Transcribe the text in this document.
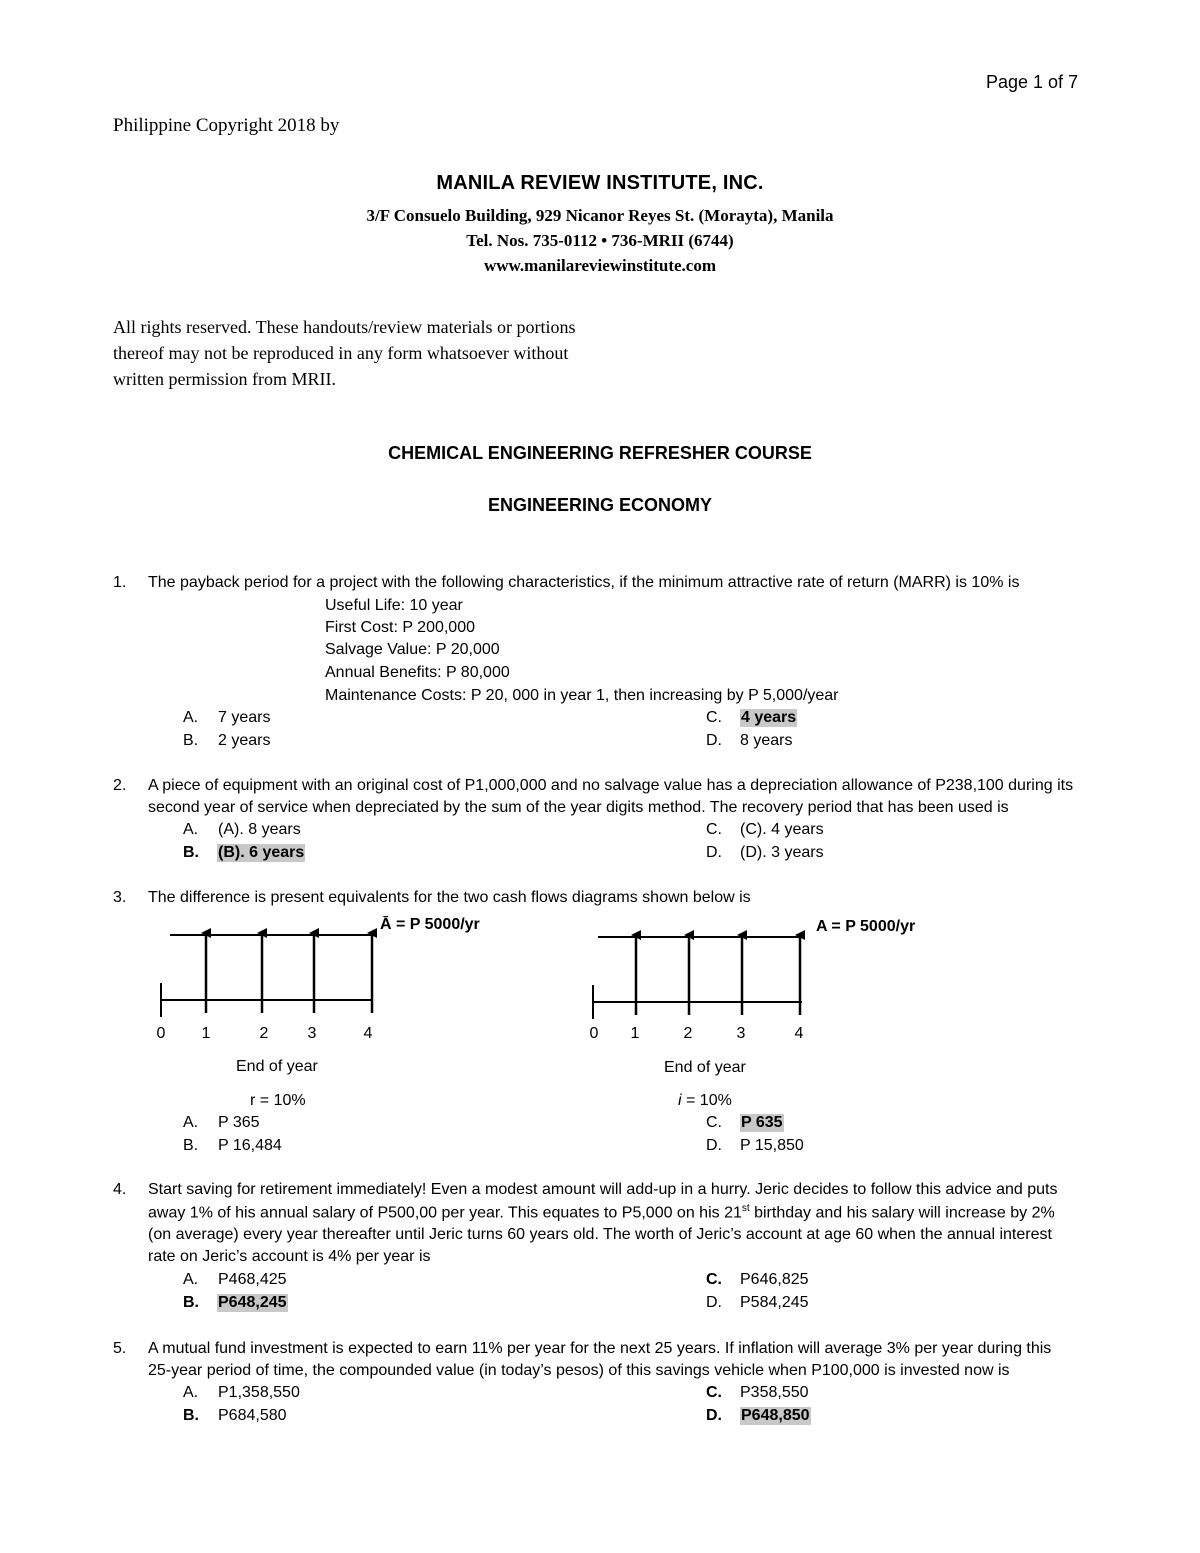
Page 1 of 7
Philippine Copyright 2018 by
MANILA REVIEW INSTITUTE, INC.
3/F Consuelo Building, 929 Nicanor Reyes St. (Morayta), Manila
Tel. Nos. 735-0112 • 736-MRII (6744)
www.manilareviewinstitute.com
All rights reserved. These handouts/review materials or portions
thereof may not be reproduced in any form whatsoever without
written permission from MRII.
CHEMICAL ENGINEERING REFRESHER COURSE
ENGINEERING ECONOMY
1. The payback period for a project with the following characteristics, if the minimum attractive rate of return (MARR) is 10% is
Useful Life: 10 year
First Cost: P 200,000
Salvage Value: P 20,000
Annual Benefits: P 80,000
Maintenance Costs: P 20, 000 in year 1, then increasing by P 5,000/year
A. 7 years
B. 2 years
C. 4 years
D. 8 years
2. A piece of equipment with an original cost of P1,000,000 and no salvage value has a depreciation allowance of P238,100 during its
second year of service when depreciated by the sum of the year digits method. The recovery period that has been used is
A. (A). 8 years
B. (B). 6 years
C. (C). 4 years
D. (D). 3 years
3. The difference is present equivalents for the two cash flows diagrams shown below is
Ā = P 5000/yr
0 1	2 3	4
End of year
r = 10%
A = P 5000/yr
0 1	2	3	4
End of year
i = 10%
A. P 365
B. P 16,484
C. P 635
D. P 15,850
4. Start saving for retirement immediately! Even a modest amount will add-up in a hurry. Jeric decides to follow this advice and puts
away 1% of his annual salary of P500,00 per year. This equates to P5,000 on his 21st birthday and his salary will increase by 2%
(on average) every year thereafter until Jeric turns 60 years old. The worth of Jeric’s account at age 60 when the annual interest
rate on Jeric’s account is 4% per year is
A. P468,425
B. P648,245
C. P646,825
D. P584,245
5. A mutual fund investment is expected to earn 11% per year for the next 25 years. If inflation will average 3% per year during this
25-year period of time, the compounded value (in today’s pesos) of this savings vehicle when P100,000 is invested now is
A. P1,358,550
B. P684,580
C. P358,550
D. P648,850
